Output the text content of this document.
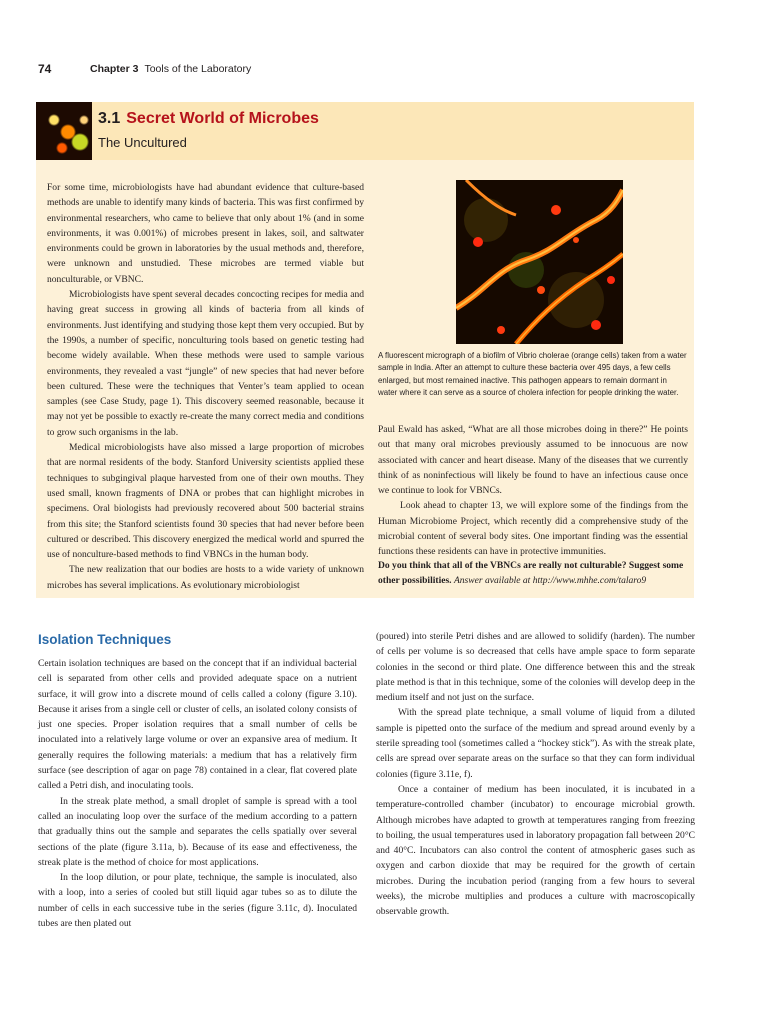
74	Chapter 3 Tools of the Laboratory
3.1 Secret World of Microbes
The Uncultured

For some time, microbiologists have had abundant evidence that culture-based methods are unable to identify many kinds of bacteria. This was first confirmed by environmental researchers, who came to believe that only about 1% (and in some environments, it was 0.001%) of microbes present in lakes, soil, and saltwater environments could be grown in laboratories by the usual methods and, therefore, were unknown and unstudied. These microbes are termed viable but nonculturable, or VBNC.

Microbiologists have spent several decades concocting recipes for media and having great success in growing all kinds of bacteria from all kinds of environments. Just identifying and studying those kept them very occupied. But by the 1990s, a number of specific, nonculturing tools based on genetic testing had become widely available. When these methods were used to sample various environments, they revealed a vast “jungle” of new species that had never before been cultured. These were the techniques that Venter’s team applied to ocean samples (see Case Study, page 1). This discovery seemed reasonable, because it may not yet be possible to exactly re-create the many correct media and conditions to grow such organisms in the lab.

Medical microbiologists have also missed a large proportion of microbes that are normal residents of the body. Stanford University scientists applied these techniques to subgingival plaque harvested from one of their own mouths. They used small, known fragments of DNA or probes that can highlight microbes in specimens. Oral biologists had previously recovered about 500 bacterial strains from this site; the Stanford scientists found 30 species that had never before been cultured or described. This discovery energized the medical world and spurred the use of nonculture-based methods to find VBNCs in the human body.

The new realization that our bodies are hosts to a wide variety of unknown microbes has several implications. As evolutionary microbiologist

A fluorescent micrograph of a biofilm of Vibrio cholerae (orange cells) taken from a water sample in India. After an attempt to culture these bacteria over 495 days, a few cells enlarged, but most remained inactive. This pathogen appears to remain dormant in water where it can serve as a source of cholera infection for people drinking the water.

Paul Ewald has asked, “What are all those microbes doing in there?” He points out that many oral microbes previously assumed to be innocuous are now associated with cancer and heart disease. Many of the diseases that we currently think of as noninfectious will likely be found to have an infectious cause once we continue to look for VBNCs.

Look ahead to chapter 13, we will explore some of the findings from the Human Microbiome Project, which recently did a comprehensive study of the microbial content of several body sites. One important finding was the essential functions these residents can have in protective immunities.

Do you think that all of the VBNCs are really not culturable? Suggest some other possibilities. Answer available at http://www.mhhe.com/talaro9
Isolation Techniques

Certain isolation techniques are based on the concept that if an individual bacterial cell is separated from other cells and provided adequate space on a nutrient surface, it will grow into a discrete mound of cells called a colony (figure 3.10). Because it arises from a single cell or cluster of cells, an isolated colony consists of just one species. Proper isolation requires that a small number of cells be inoculated into a relatively large volume or over an expansive area of medium. It generally requires the following materials: a medium that has a relatively firm surface (see description of agar on page 78) contained in a clear, flat covered plate called a Petri dish, and inoculating tools.

In the streak plate method, a small droplet of sample is spread with a tool called an inoculating loop over the surface of the medium according to a pattern that gradually thins out the sample and separates the cells spatially over several sections of the plate (figure 3.11a, b). Because of its ease and effectiveness, the streak plate is the method of choice for most applications.

In the loop dilution, or pour plate, technique, the sample is inoculated, also with a loop, into a series of cooled but still liquid agar tubes so as to dilute the number of cells in each successive tube in the series (figure 3.11c, d). Inoculated tubes are then plated out

(poured) into sterile Petri dishes and are allowed to solidify (harden). The number of cells per volume is so decreased that cells have ample space to form separate colonies in the second or third plate. One difference between this and the streak plate method is that in this technique, some of the colonies will develop deep in the medium itself and not just on the surface.

With the spread plate technique, a small volume of liquid from a diluted sample is pipetted onto the surface of the medium and spread around evenly by a sterile spreading tool (sometimes called a “hockey stick”). As with the streak plate, cells are spread over separate areas on the surface so that they can form individual colonies (figure 3.11e, f).

Once a container of medium has been inoculated, it is incubated in a temperature-controlled chamber (incubator) to encourage microbial growth. Although microbes have adapted to growth at temperatures ranging from freezing to boiling, the usual temperatures used in laboratory propagation fall between 20°C and 40°C. Incubators can also control the content of atmospheric gases such as oxygen and carbon dioxide that may be required for the growth of certain microbes. During the incubation period (ranging from a few hours to several weeks), the microbe multiplies and produces a culture with macroscopically observable growth.
